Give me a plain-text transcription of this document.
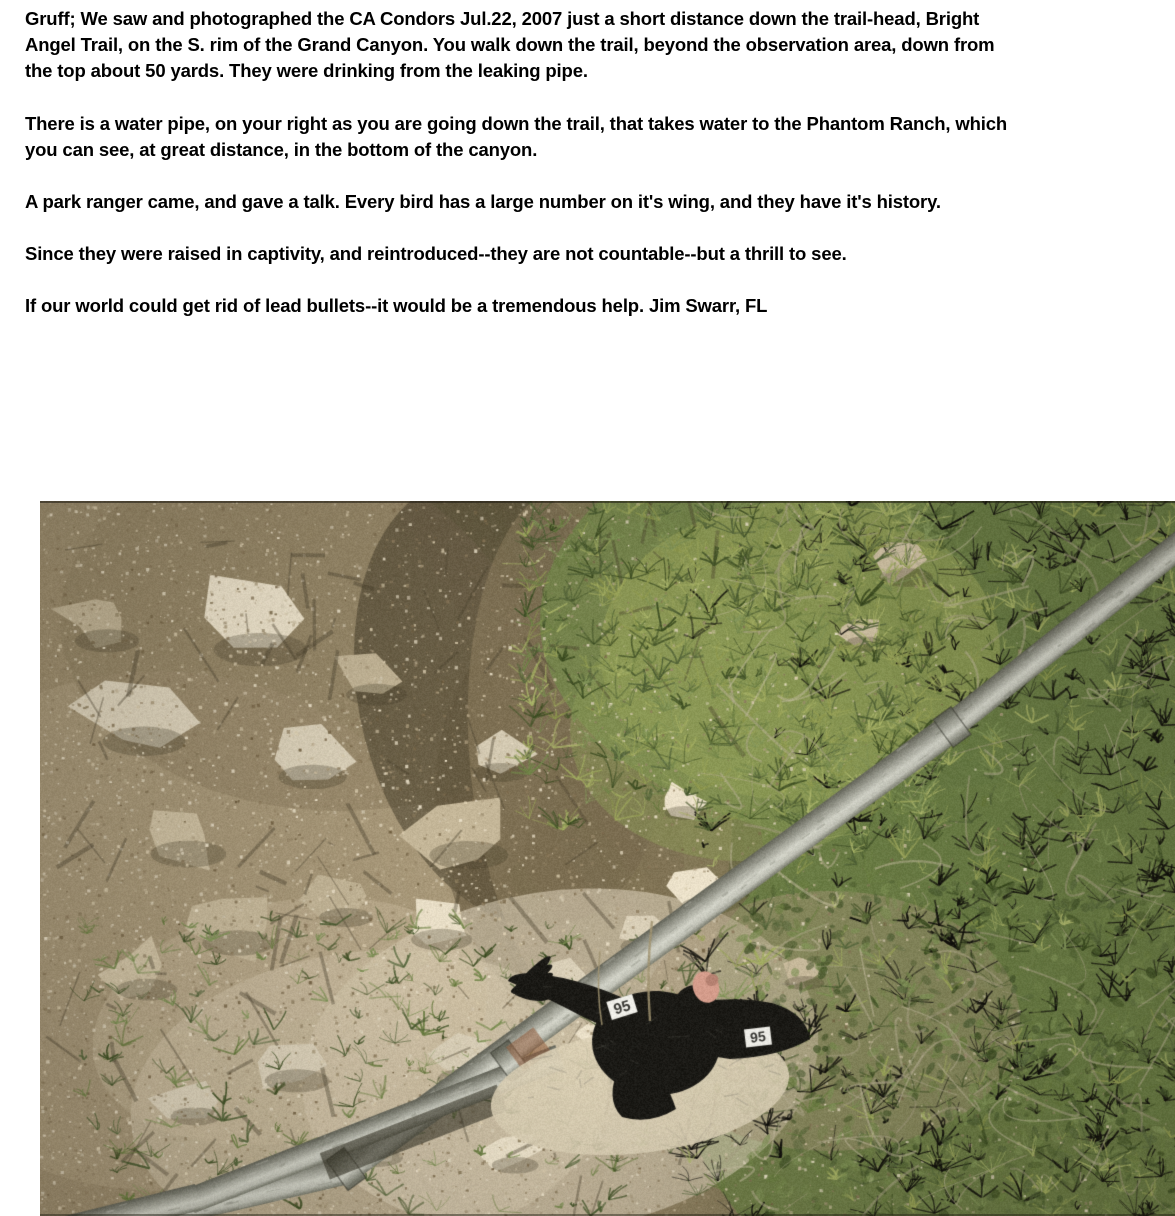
Gruff; We saw and photographed the CA Condors Jul.22, 2007 just a short distance down the trail-head, Bright Angel Trail, on the S. rim of the Grand Canyon. You walk down the trail, beyond the observation area, down from the top about 50 yards. They were drinking from the leaking pipe.

There is a water pipe, on your right as you are going down the trail, that takes water to the Phantom Ranch, which you can see, at great distance, in the bottom of the canyon.

A park ranger came, and gave a talk. Every bird has a large number on it's wing, and they have it's history.

Since they were raised in captivity, and reintroduced--they are not countable--but a thrill to see.

If our world could get rid of lead bullets--it would be a tremendous help. Jim Swarr, FL
